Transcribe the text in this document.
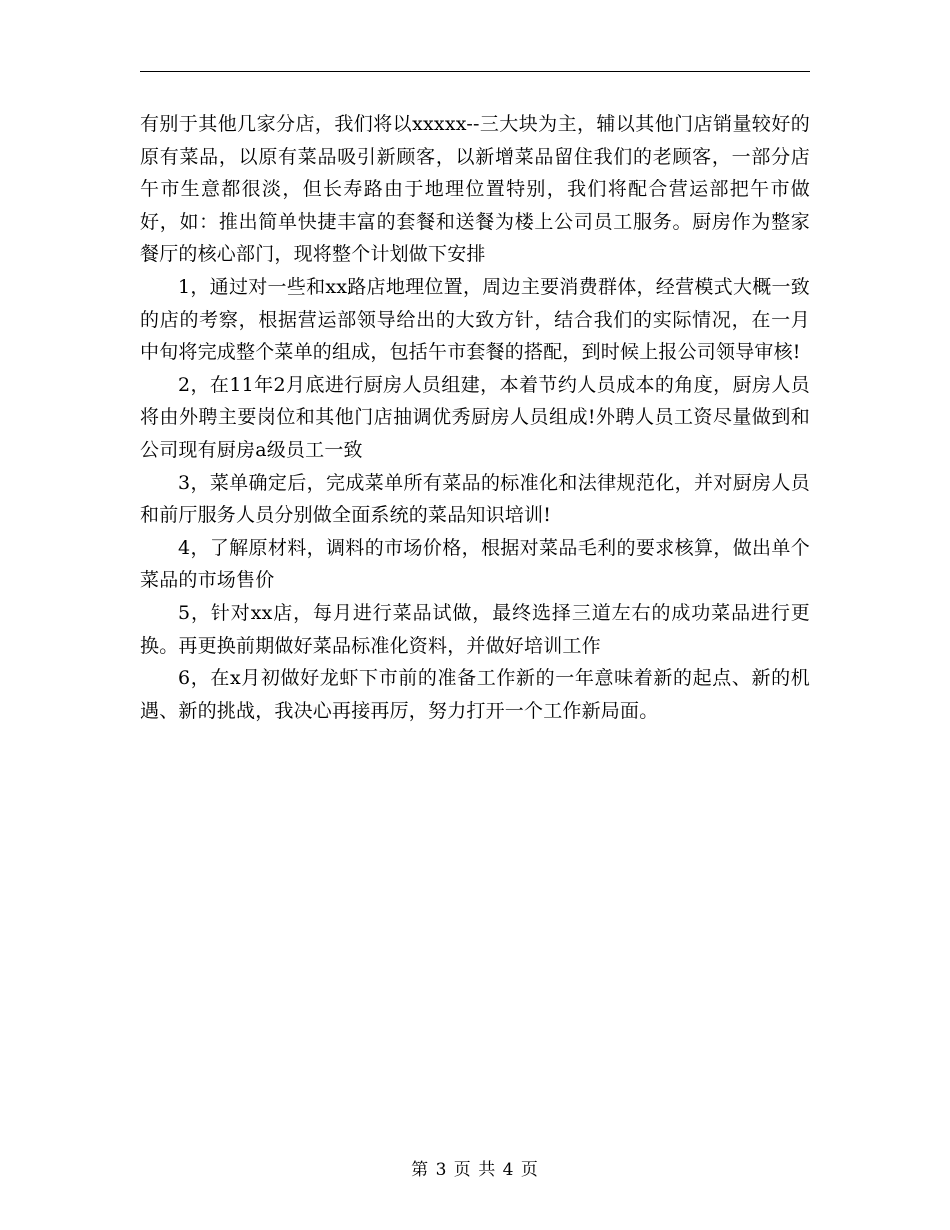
有别于其他几家分店，我们将以xxxxx--三大块为主，辅以其他门店销量较好的原有菜品，以原有菜品吸引新顾客，以新增菜品留住我们的老顾客，一部分店午市生意都很淡，但长寿路由于地理位置特别，我们将配合营运部把午市做好，如：推出简单快捷丰富的套餐和送餐为楼上公司员工服务。厨房作为整家餐厅的核心部门，现将整个计划做下安排

1，通过对一些和xx路店地理位置，周边主要消费群体，经营模式大概一致的店的考察，根据营运部领导给出的大致方针，结合我们的实际情况，在一月中旬将完成整个菜单的组成，包括午市套餐的搭配，到时候上报公司领导审核!

2，在11年2月底进行厨房人员组建，本着节约人员成本的角度，厨房人员将由外聘主要岗位和其他门店抽调优秀厨房人员组成!外聘人员工资尽量做到和公司现有厨房a级员工一致

3，菜单确定后，完成菜单所有菜品的标准化和法律规范化，并对厨房人员和前厅服务人员分别做全面系统的菜品知识培训!

4，了解原材料，调料的市场价格，根据对菜品毛利的要求核算，做出单个菜品的市场售价

5，针对xx店，每月进行菜品试做，最终选择三道左右的成功菜品进行更换。再更换前期做好菜品标准化资料，并做好培训工作

6，在x月初做好龙虾下市前的准备工作新的一年意味着新的起点、新的机遇、新的挑战，我决心再接再厉，努力打开一个工作新局面。

第 3 页 共 4 页
